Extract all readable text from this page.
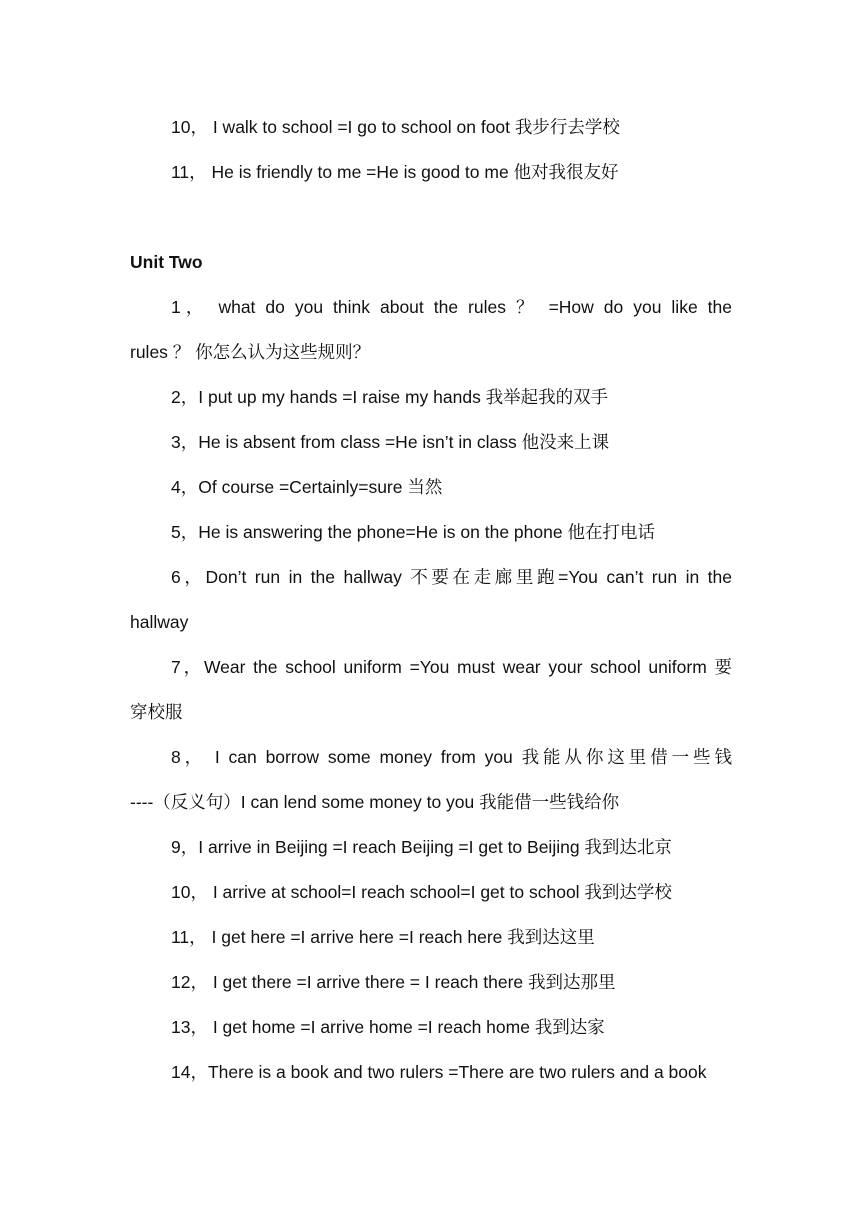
10， I walk to school =I go to school on foot 我步行去学校
11， He is friendly to me =He is good to me 他对我很友好
Unit Two
1， what do you think about the rules ？ =How do you like the
rules ？ 你怎么认为这些规则？
2，I put up my hands =I raise my hands 我举起我的双手
3，He is absent from class =He isn’t in class 他没来上课
4，Of course =Certainly=sure 当然
5，He is answering the phone=He is on the phone 他在打电话
6，Don’t run in the hallway 不要在走廊里跑=You can’t run in the
hallway
7，Wear the school uniform =You must wear your school uniform 要
穿校服
8， I can borrow some money from you 我能从你这里借一些钱
----（反义句）I can lend some money to you 我能借一些钱给你
9，I arrive in Beijing =I reach Beijing =I get to Beijing 我到达北京
10， I arrive at school=I reach school=I get to school 我到达学校
11， I get here =I arrive here =I reach here 我到达这里
12， I get there =I arrive there = I reach there 我到达那里
13， I get home =I arrive home =I reach home 我到达家
14，There is a book and two rulers =There are two rulers and a book
